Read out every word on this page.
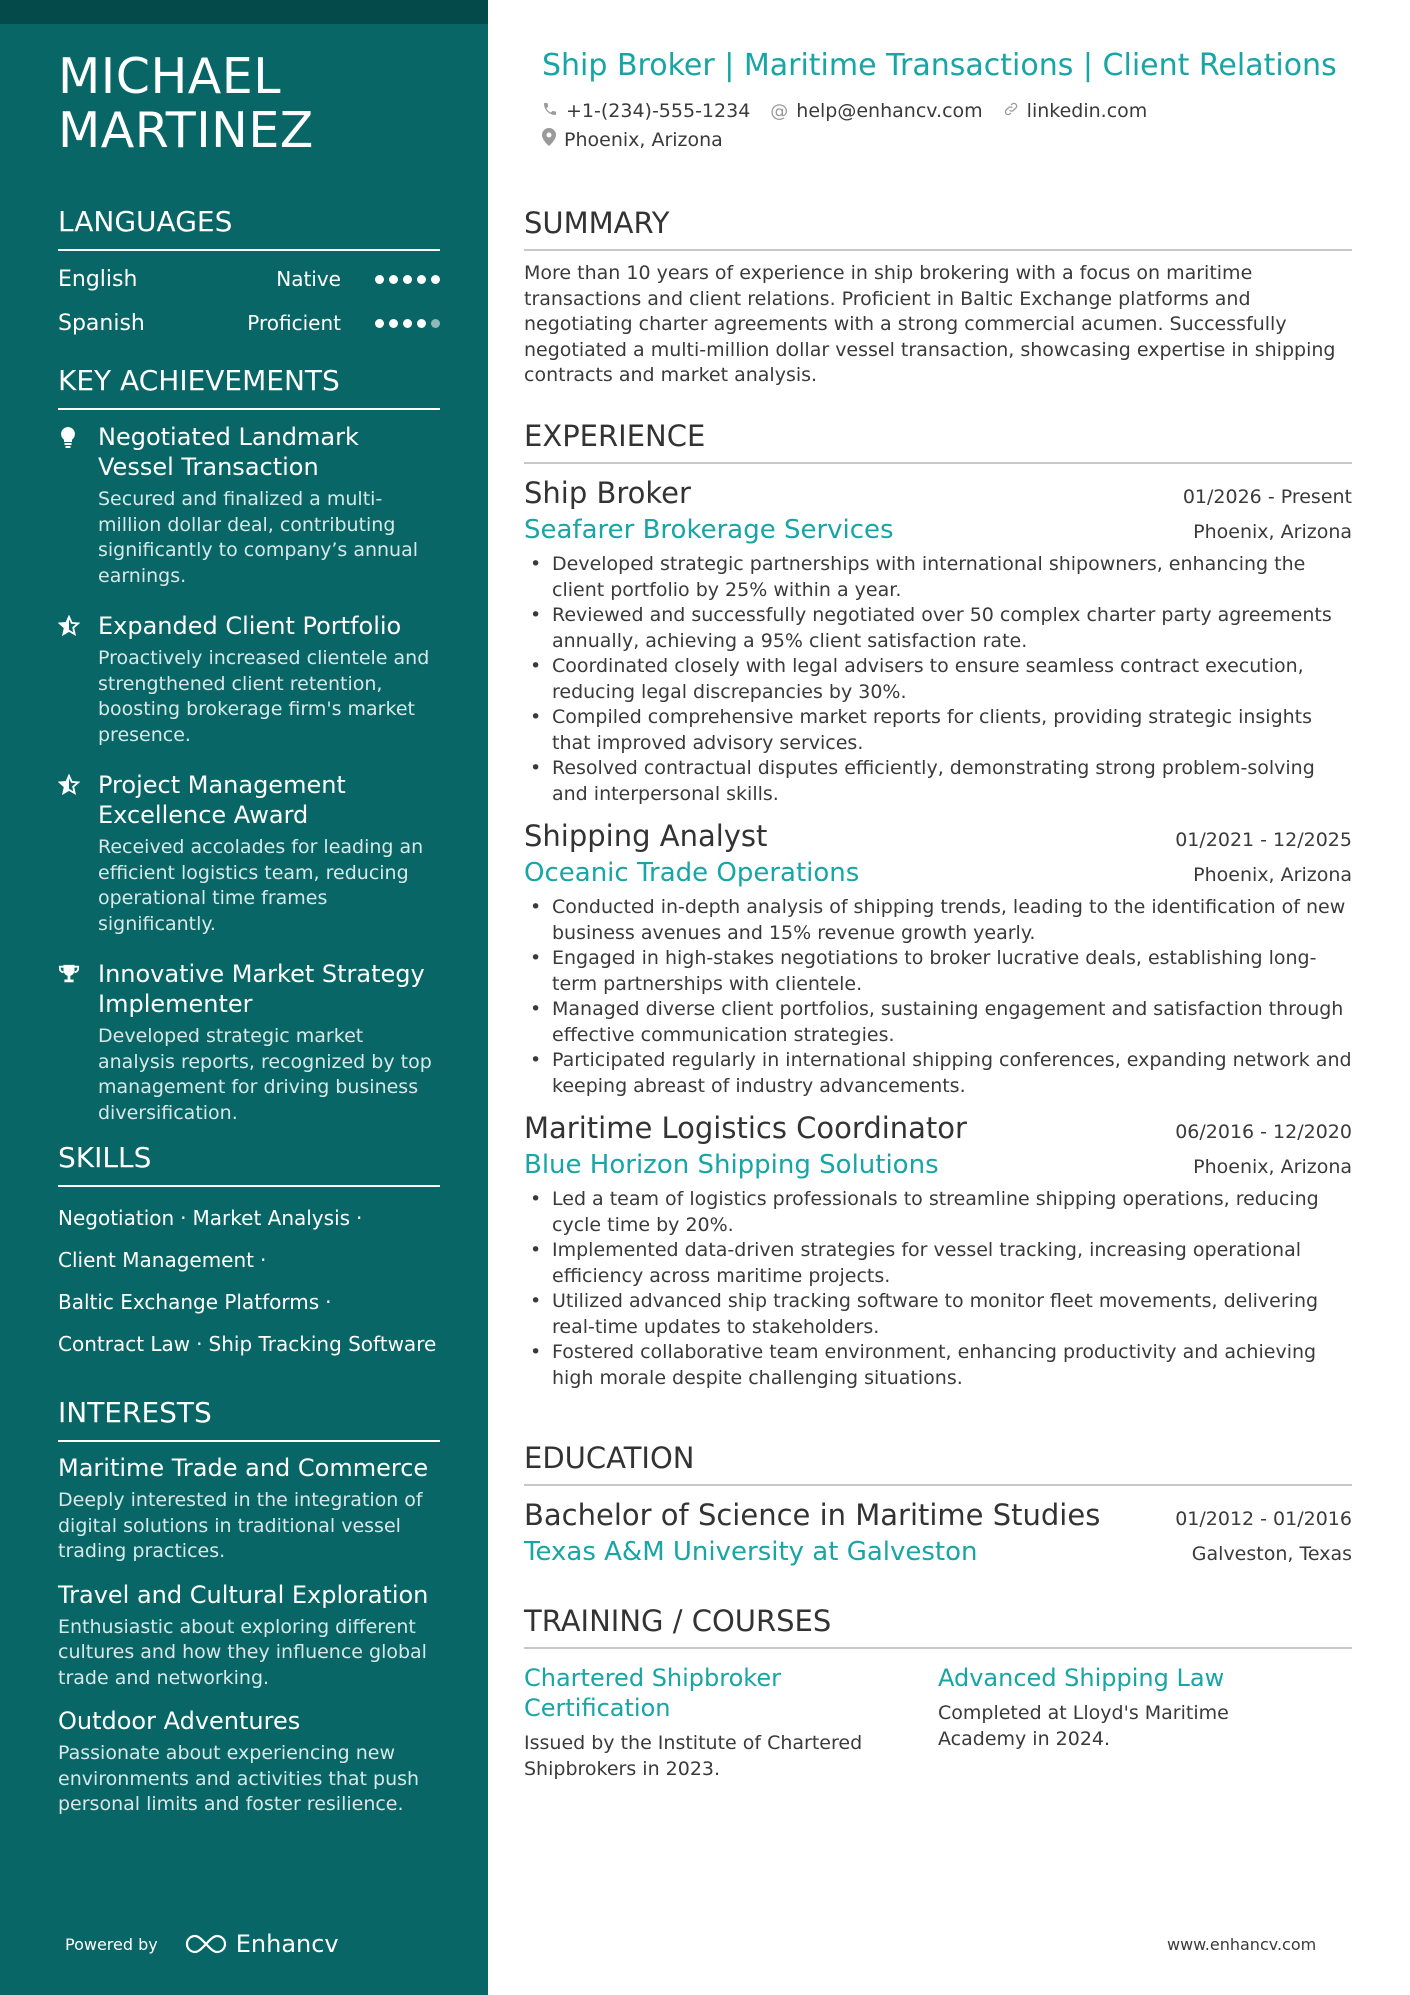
MICHAEL
MARTINEZ
LANGUAGES
English	Native
Spanish	Proficient
KEY ACHIEVEMENTS
Negotiated Landmark Vessel Transaction
Secured and finalized a multi-million dollar deal, contributing significantly to company’s annual earnings.
Expanded Client Portfolio
Proactively increased clientele and strengthened client retention, boosting brokerage firm's market presence.
Project Management Excellence Award
Received accolades for leading an efficient logistics team, reducing operational time frames significantly.
Innovative Market Strategy Implementer
Developed strategic market analysis reports, recognized by top management for driving business diversification.
SKILLS
Negotiation · Market Analysis ·
Client Management ·
Baltic Exchange Platforms ·
Contract Law · Ship Tracking Software
INTERESTS
Maritime Trade and Commerce
Deeply interested in the integration of digital solutions in traditional vessel trading practices.
Travel and Cultural Exploration
Enthusiastic about exploring different cultures and how they influence global trade and networking.
Outdoor Adventures
Passionate about experiencing new environments and activities that push personal limits and foster resilience.
Powered by	Enhancv
Ship Broker | Maritime Transactions | Client Relations
+1-(234)-555-1234 @ help@enhancv.com linkedin.com
Phoenix, Arizona
SUMMARY
More than 10 years of experience in ship brokering with a focus on maritime transactions and client relations. Proficient in Baltic Exchange platforms and negotiating charter agreements with a strong commercial acumen. Successfully negotiated a multi-million dollar vessel transaction, showcasing expertise in shipping contracts and market analysis.
EXPERIENCE
Ship Broker	01/2026 - Present
Seafarer Brokerage Services	Phoenix, Arizona
• Developed strategic partnerships with international shipowners, enhancing the client portfolio by 25% within a year.
• Reviewed and successfully negotiated over 50 complex charter party agreements annually, achieving a 95% client satisfaction rate.
• Coordinated closely with legal advisers to ensure seamless contract execution, reducing legal discrepancies by 30%.
• Compiled comprehensive market reports for clients, providing strategic insights that improved advisory services.
• Resolved contractual disputes efficiently, demonstrating strong problem-solving and interpersonal skills.
Shipping Analyst	01/2021 - 12/2025
Oceanic Trade Operations	Phoenix, Arizona
• Conducted in-depth analysis of shipping trends, leading to the identification of new business avenues and 15% revenue growth yearly.
• Engaged in high-stakes negotiations to broker lucrative deals, establishing long-term partnerships with clientele.
• Managed diverse client portfolios, sustaining engagement and satisfaction through effective communication strategies.
• Participated regularly in international shipping conferences, expanding network and keeping abreast of industry advancements.
Maritime Logistics Coordinator	06/2016 - 12/2020
Blue Horizon Shipping Solutions	Phoenix, Arizona
• Led a team of logistics professionals to streamline shipping operations, reducing cycle time by 20%.
• Implemented data-driven strategies for vessel tracking, increasing operational efficiency across maritime projects.
• Utilized advanced ship tracking software to monitor fleet movements, delivering real-time updates to stakeholders.
• Fostered collaborative team environment, enhancing productivity and achieving high morale despite challenging situations.
EDUCATION
Bachelor of Science in Maritime Studies	01/2012 - 01/2016
Texas A&M University at Galveston	Galveston, Texas
TRAINING / COURSES
Chartered Shipbroker Certification
Issued by the Institute of Chartered Shipbrokers in 2023.
Advanced Shipping Law
Completed at Lloyd's Maritime Academy in 2024.
www.enhancv.com
